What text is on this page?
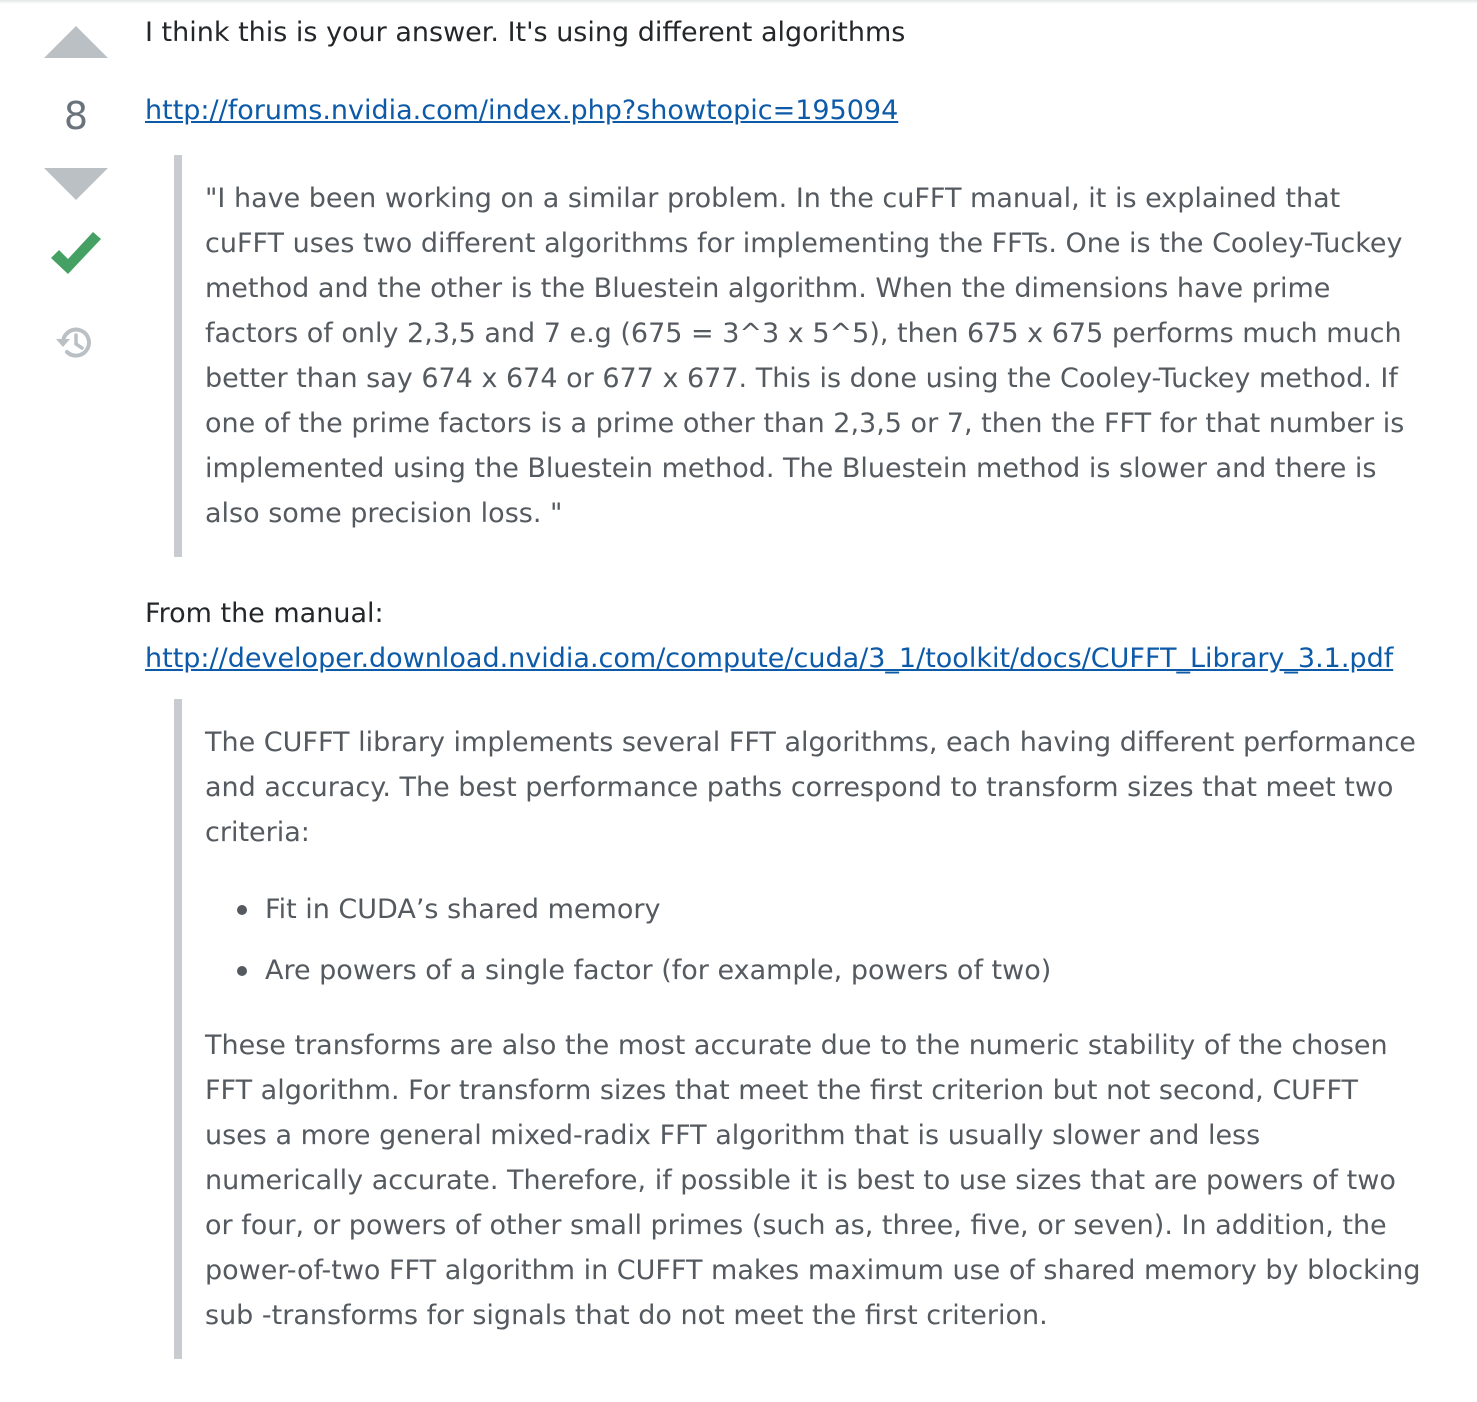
8

I think this is your answer. It's using different algorithms

http://forums.nvidia.com/index.php?showtopic=195094

"I have been working on a similar problem. In the cuFFT manual, it is explained that cuFFT uses two different algorithms for implementing the FFTs. One is the Cooley-Tuckey method and the other is the Bluestein algorithm. When the dimensions have prime factors of only 2,3,5 and 7 e.g (675 = 3^3 x 5^5), then 675 x 675 performs much much better than say 674 x 674 or 677 x 677. This is done using the Cooley-Tuckey method. If one of the prime factors is a prime other than 2,3,5 or 7, then the FFT for that number is implemented using the Bluestein method. The Bluestein method is slower and there is also some precision loss. "

From the manual:
http://developer.download.nvidia.com/compute/cuda/3_1/toolkit/docs/CUFFT_Library_3.1.pdf

The CUFFT library implements several FFT algorithms, each having different performance and accuracy. The best performance paths correspond to transform sizes that meet two criteria:

Fit in CUDA’s shared memory
Are powers of a single factor (for example, powers of two)

These transforms are also the most accurate due to the numeric stability of the chosen FFT algorithm. For transform sizes that meet the first criterion but not second, CUFFT uses a more general mixed-radix FFT algorithm that is usually slower and less numerically accurate. Therefore, if possible it is best to use sizes that are powers of two or four, or powers of other small primes (such as, three, five, or seven). In addition, the power-of-two FFT algorithm in CUFFT makes maximum use of shared memory by blocking sub -transforms for signals that do not meet the first criterion.
